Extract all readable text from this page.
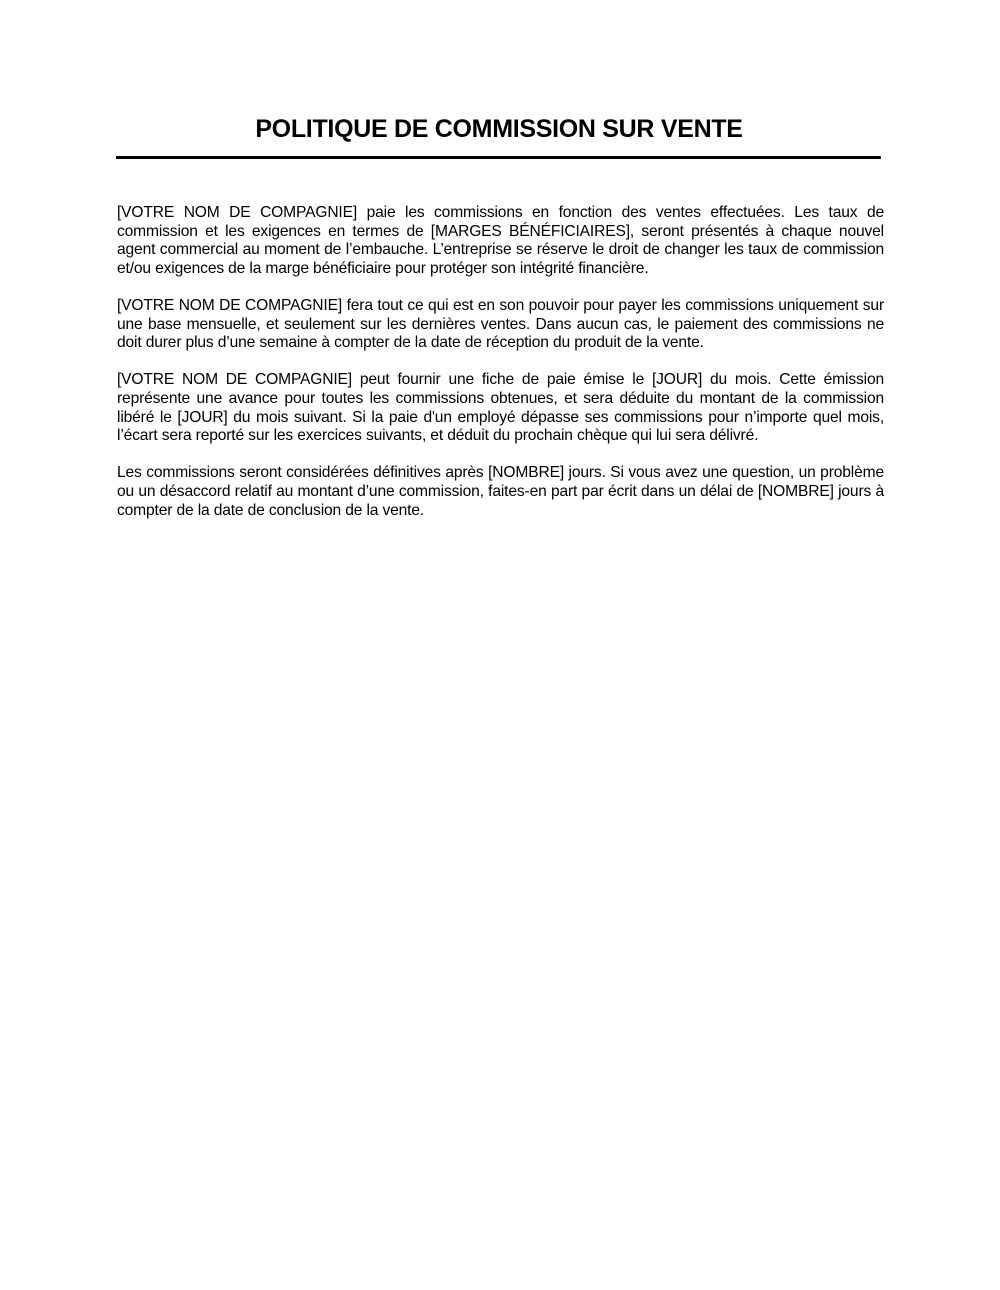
POLITIQUE DE COMMISSION SUR VENTE

[VOTRE NOM DE COMPAGNIE] paie les commissions en fonction des ventes effectuées. Les taux de commission et les exigences en termes de [MARGES BÉNÉFICIAIRES], seront présentés à chaque nouvel agent commercial au moment de l’embauche. L’entreprise se réserve le droit de changer les taux de commission et/ou exigences de la marge bénéficiaire pour protéger son intégrité financière.

[VOTRE NOM DE COMPAGNIE] fera tout ce qui est en son pouvoir pour payer les commissions uniquement sur une base mensuelle, et seulement sur les dernières ventes. Dans aucun cas, le paiement des commissions ne doit durer plus d’une semaine à compter de la date de réception du produit de la vente.

[VOTRE NOM DE COMPAGNIE] peut fournir une fiche de paie émise le [JOUR] du mois. Cette émission représente une avance pour toutes les commissions obtenues, et sera déduite du montant de la commission libéré le [JOUR] du mois suivant. Si la paie d'un employé dépasse ses commissions pour n’importe quel mois, l’écart sera reporté sur les exercices suivants, et déduit du prochain chèque qui lui sera délivré.

Les commissions seront considérées définitives après [NOMBRE] jours. Si vous avez une question, un problème ou un désaccord relatif au montant d’une commission, faites-en part par écrit dans un délai de [NOMBRE] jours à compter de la date de conclusion de la vente.
